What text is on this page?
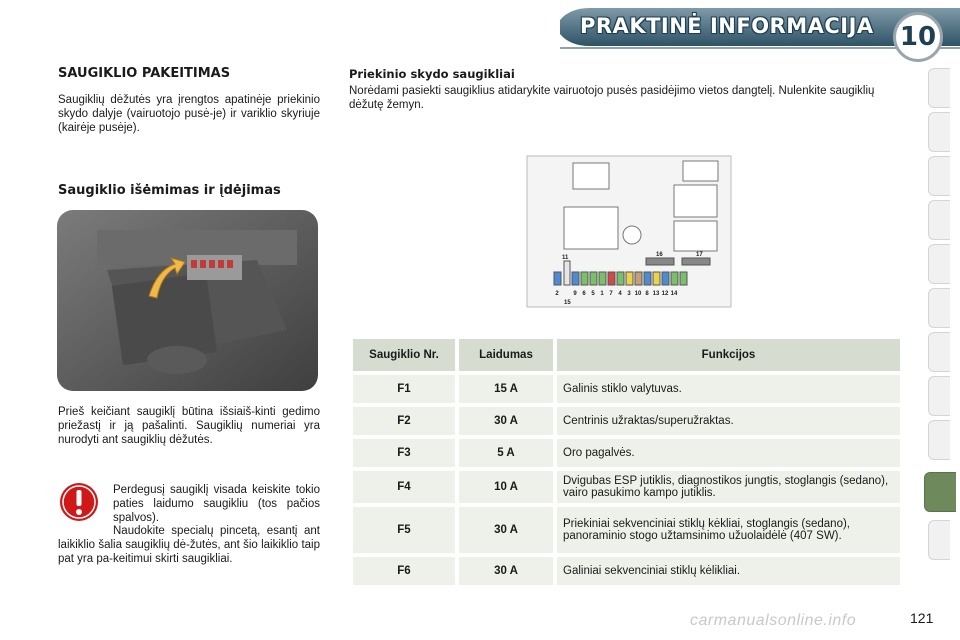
PRAKTINĖ INFORMACIJA 10
SAUGIKLIO PAKEITIMAS
Saugiklių dėžutės yra įrengtos apatinėje priekinio skydo dalyje (vairuotojo pusė-je) ir variklio skyriuje (kairėje pusėje).
Saugiklio išėmimas ir įdėjimas
Prieš keičiant saugiklį būtina išsiaiš-kinti gedimo priežastį ir ją pašalinti. Saugiklių numeriai yra nurodyti ant saugiklių dėžutės.
Perdegusį saugiklį visada keiskite tokio paties laidumo saugikliu (tos pačios spalvos).
Naudokite specialų pincetą, esantį ant laikiklio šalia saugiklių dė-žutės, ant šio laikiklio taip pat yra pa-keitimui skirti saugikliai.
Priekinio skydo saugikliai
Norėdami pasiekti saugiklius atidarykite vairuotojo pusės pasidėjimo vietos dangtelį. Nulenkite saugiklių dėžutę žemyn.
16	17
11
2 9 6 5 1 7 4 3 10 8 13 12 14
15
Saugiklio Nr.	Laidumas	Funkcijos
F1	15 A	Galinis stiklo valytuvas.
F2	30 A	Centrinis užraktas/superužraktas.
F3	5 A	Oro pagalvės.
F4	10 A	Dvigubas ESP jutiklis, diagnostikos jungtis, stoglangis (sedano), vairo pasukimo kampo jutiklis.
F5	30 A	Priekiniai sekvenciniai stiklų kėkliai, stoglangis (sedano), panoraminio stogo užtamsinimo užuolaidėlė (407 SW).
F6	30 A	Galiniai sekvenciniai stiklų kėlikliai.
carmanualsonline.info	121
